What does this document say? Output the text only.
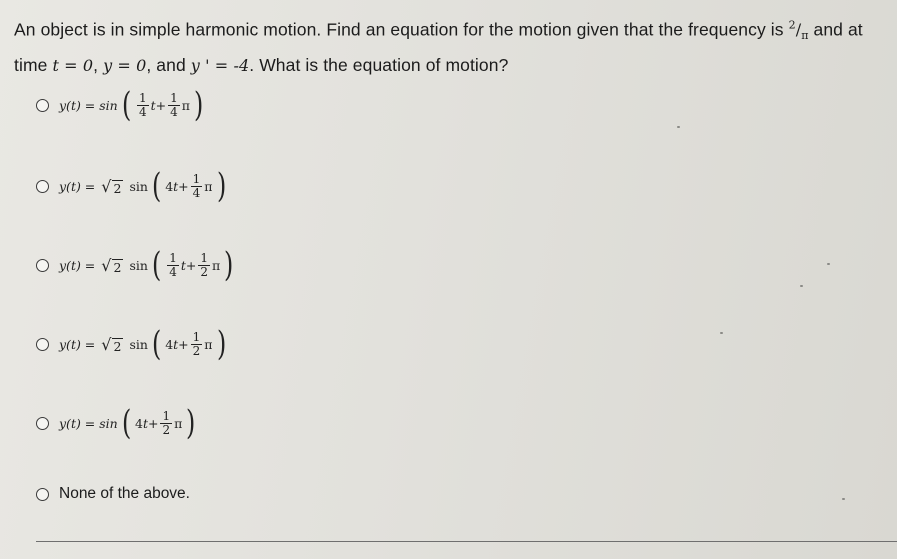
An object is in simple harmonic motion. Find an equation for the motion given that the frequency is $^2/_\pi$ and at
time t = 0, y = 0, and y ' = -4. What is the equation of motion?
y(t) = sin ( $\frac{1}{4} t+ \frac{1}{4}$ π )
y(t) = √ 2 sin ( 4 $t+ \frac{1}{4}$ π )
y(t) = √ 2 sin ( $\frac{1}{4} t+ \frac{1}{2}$ π )
y(t) = √ 2 sin ( 4 $t+ \frac{1}{2}$ π )
y(t) = sin ( 4 $t+ \frac{1}{2}$ π )
None of the above.
